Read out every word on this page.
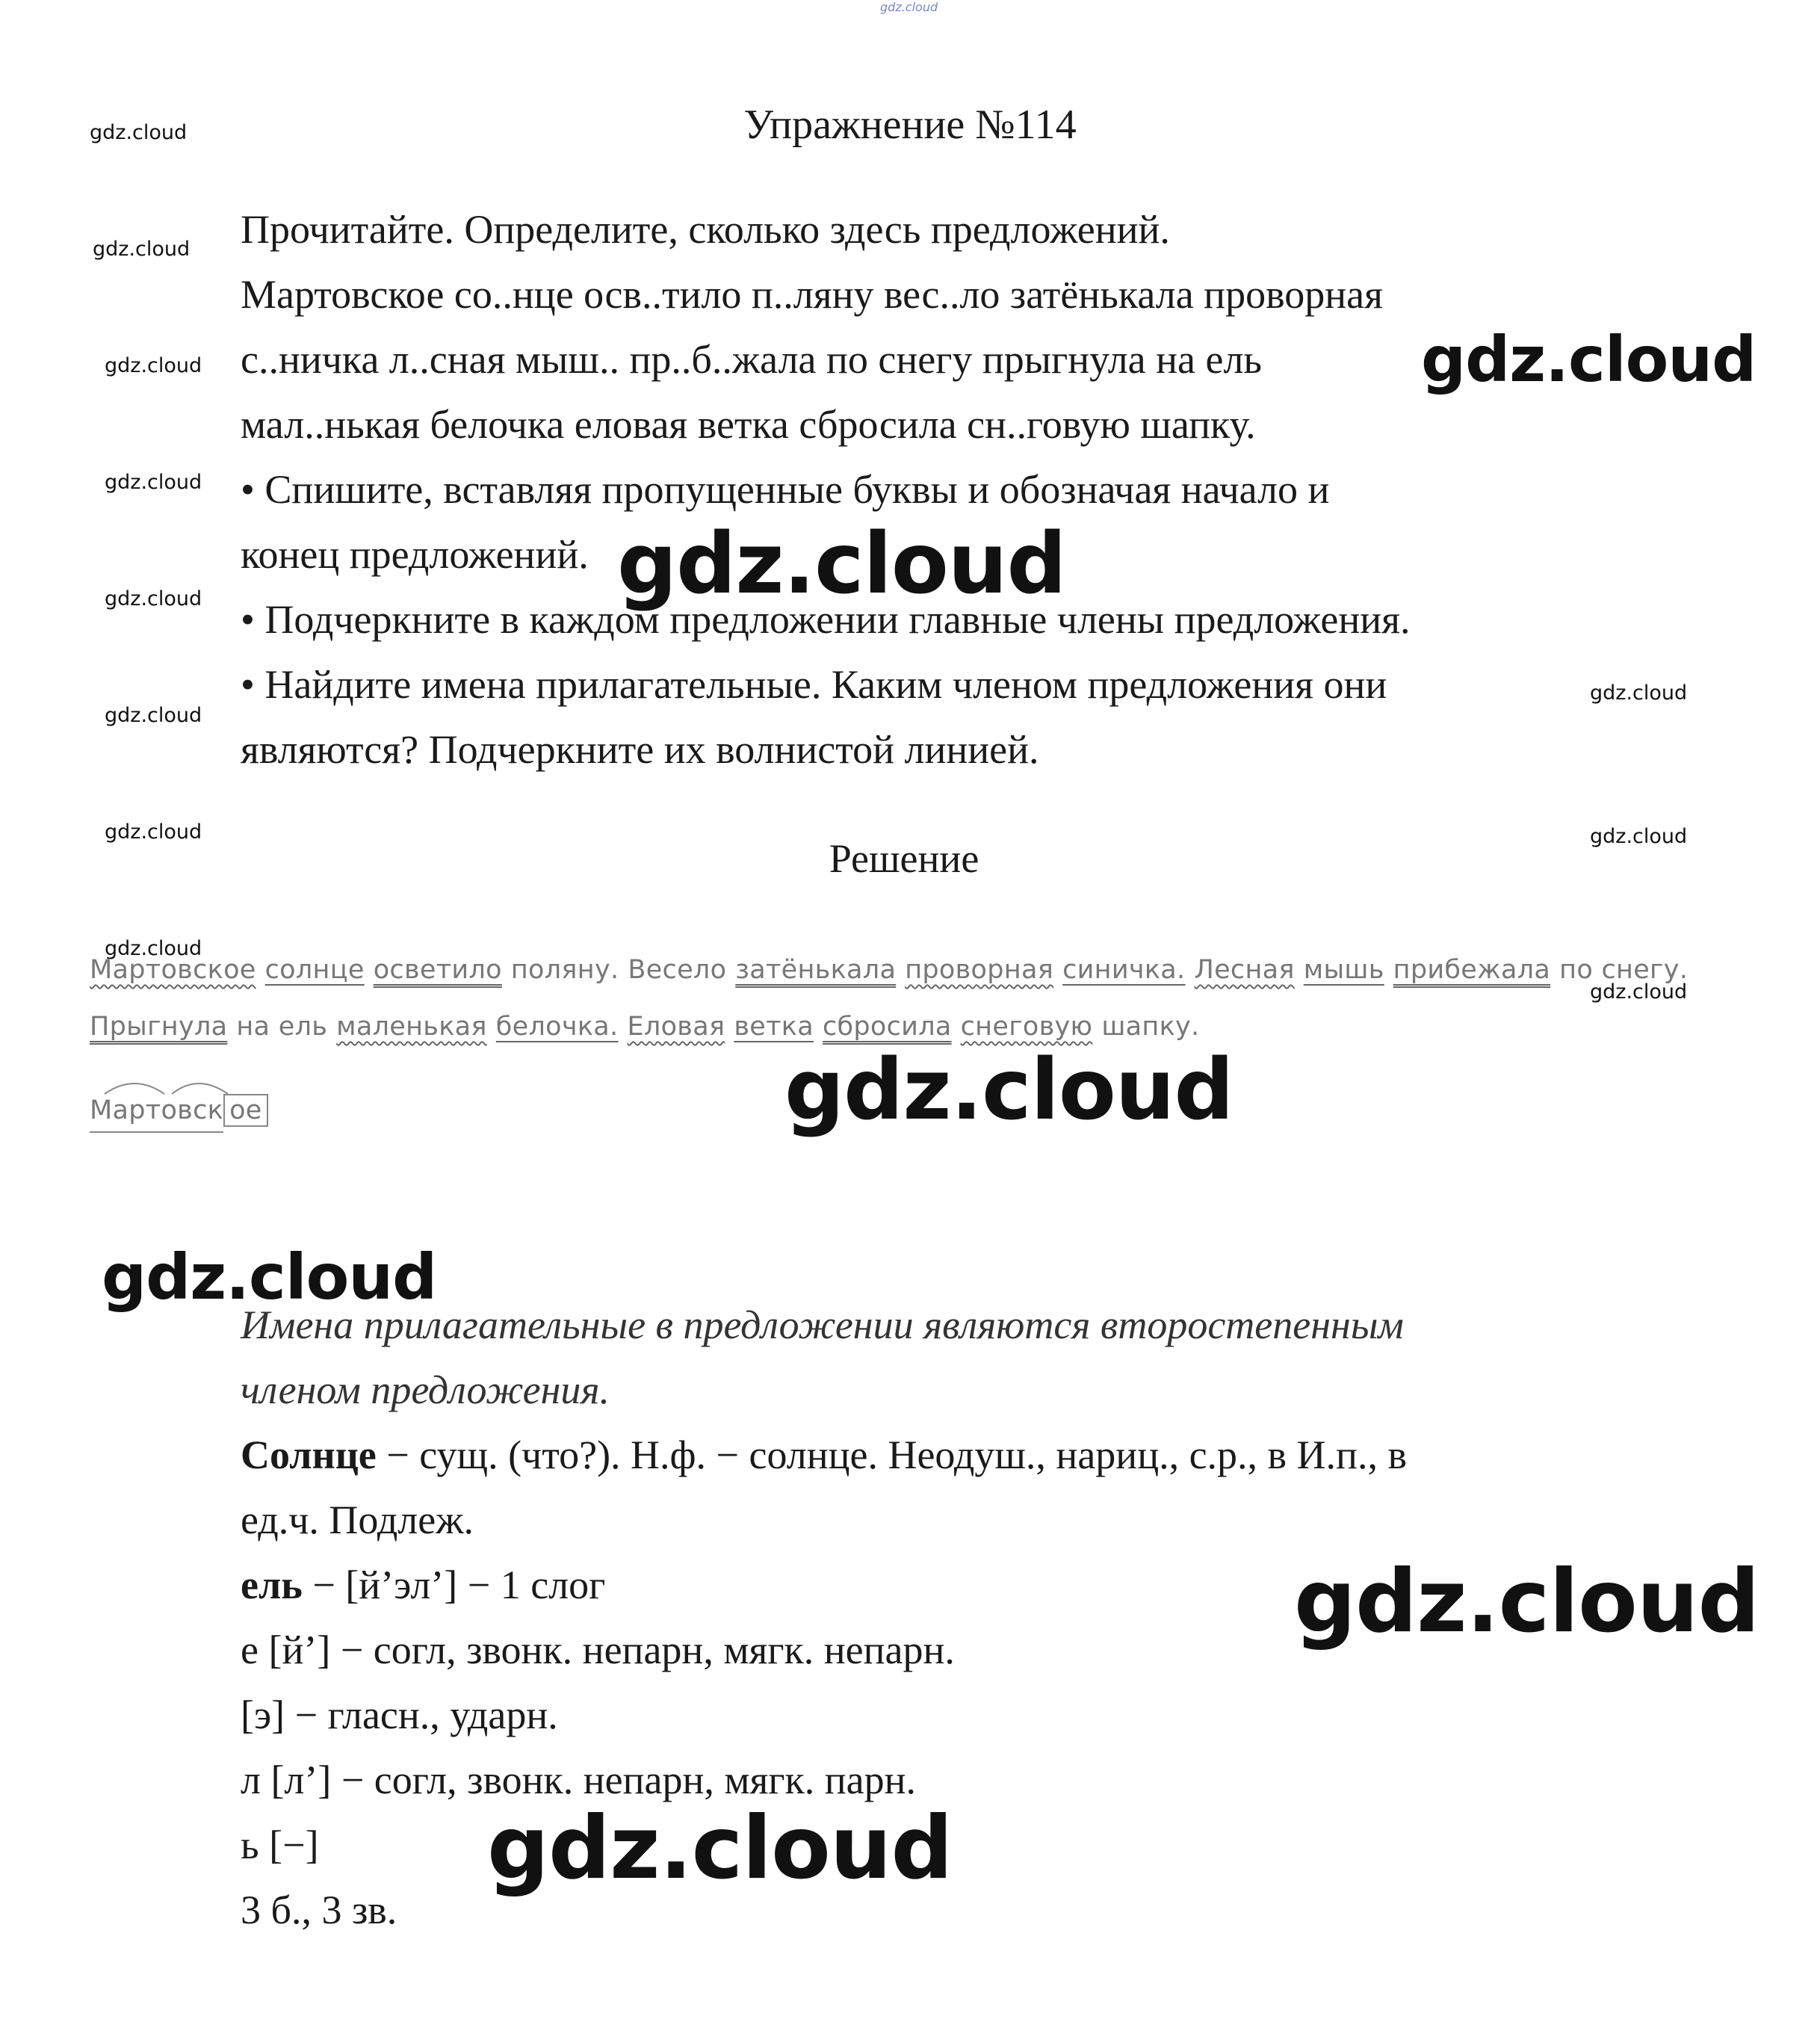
gdz.cloud
Упражнение №114
Прочитайте. Определите, сколько здесь предложений.
Мартовское со..нце осв..тило п..ляну вес..ло затёнькала проворная
с..ничка л..сная мыш.. пр..б..жала по снегу прыгнула на ель
мал..нькая белочка еловая ветка сбросила сн..говую шапку.
• Спишите, вставляя пропущенные буквы и обозначая начало и
конец предложений.
• Подчеркните в каждом предложении главные члены предложения.
• Найдите имена прилагательные. Каким членом предложения они
являются? Подчеркните их волнистой линией.
Решение
Мартовское солнце осветило поляну. Весело затёнькала проворная синичка. Лесная мышь прибежала по снегу.
Прыгнула на ель маленькая белочка. Еловая ветка сбросила снеговую шапку.
Мартовск ое
Имена прилагательные в предложении являются второстепенным
членом предложения.
Солнце − сущ. (что?). Н.ф. − солнце. Неодуш., нариц., с.р., в И.п., в
ед.ч. Подлеж.
ель − [й’эл’] − 1 слог
е [й’] − согл, звонк. непарн, мягк. непарн.
[э] − гласн., ударн.
л [л’] − согл, звонк. непарн, мягк. парн.
ь [−]
3 б., 3 зв.
gdz.cloud
gdz.cloud
gdz.cloud
gdz.cloud
gdz.cloud
gdz.cloud
gdz.cloud
gdz.cloud
gdz.cloud
gdz.cloud
gdz.cloud
gdz.cloud
gdz.cloud
gdz.cloud
gdz.cloud
gdz.cloud
gdz.cloud
